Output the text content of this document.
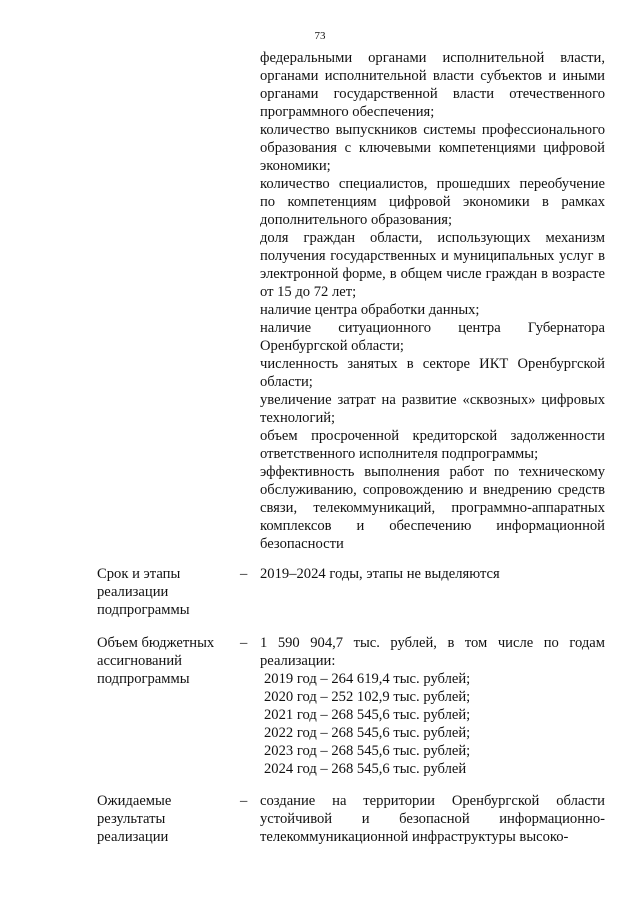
73

федеральными органами исполнительной власти, органами исполнительной власти субъектов и иными органами государственной власти отечественного программного обеспечения;

количество выпускников системы профессионального образования с ключевыми компетенциями цифровой экономики;

количество специалистов, прошедших переобучение по компетенциям цифровой экономики в рамках дополнительного образования;

доля граждан области, использующих механизм получения государственных и муниципальных услуг в электронной форме, в общем числе граждан в возрасте от 15 до 72 лет;

наличие центра обработки данных;

наличие ситуационного центра Губернатора Оренбургской области;

численность занятых в секторе ИКТ Оренбургской области;

увеличение затрат на развитие «сквозных» цифровых технологий;

объем просроченной кредиторской задолженности ответственного исполнителя подпрограммы;

эффективность выполнения работ по техническому обслуживанию, сопровождению и внедрению средств связи, телекоммуникаций, программно-аппаратных комплексов и обеспечению информационной безопасности

Срок и этапы реализации подпрограммы
– 2019–2024 годы, этапы не выделяются
Объем бюджетных ассигнований подпрограммы
– 1 590 904,7 тыс. рублей, в том числе по годам реализации:

2019 год – 264 619,4 тыс. рублей;
2020 год – 252 102,9 тыс. рублей;
2021 год – 268 545,6 тыс. рублей;
2022 год – 268 545,6 тыс. рублей;
2023 год – 268 545,6 тыс. рублей;
2024 год – 268 545,6 тыс. рублей
Ожидаемые результаты реализации
– создание на территории Оренбургской области устойчивой и безопасной информационно-телекоммуникационной инфраструктуры высоко-
